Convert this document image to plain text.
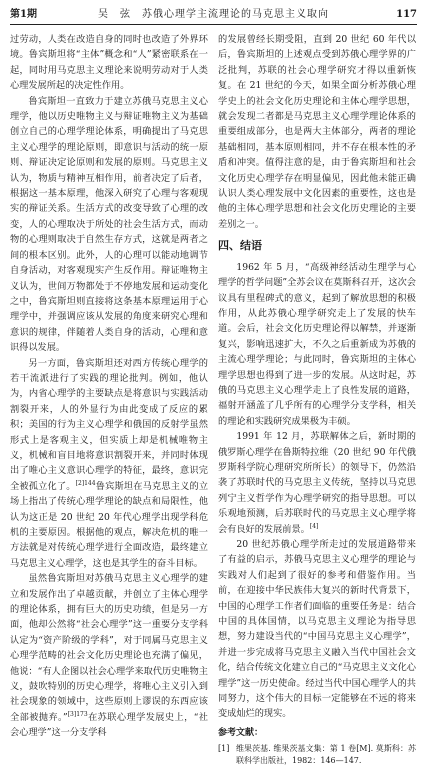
第1期	吴　弦　苏俄心理学主流理论的马克思主义取向	117

过劳动，人类在改造自身的同时也改造了外界环境。鲁宾斯坦将“主体”概念和“人”紧密联系在一起，同时用马克思主义理论来说明劳动对于人类心理发展所起的决定性作用。

鲁宾斯坦一直致力于建立苏俄马克思主义心理学，他以历史唯物主义与辩证唯物主义为基础创立自己的心理学理论体系，明确提出了马克思主义心理学的理论原则，即意识与活动的统一原则、辩证决定论原则和发展的原则。马克思主义认为，物质与精神互相作用，前者决定了后者，根据这一基本原理，他深入研究了心理与客观现实的辩证关系。生活方式的改变导致了心理的改变，人的心理取决于所处的社会生活方式，而动物的心理则取决于自然生存方式，这就是两者之间的根本区别。此外，人的心理可以能动地调节自身活动，对客观现实产生反作用。辩证唯物主义认为，世间万物都处于不停地发展和运动变化之中，鲁宾斯坦则直接将这条基本原理运用于心理学中，并强调应该从发展的角度来研究心理和意识的规律，伴随着人类自身的活动，心理和意识得以发展。

另一方面，鲁宾斯坦还对西方传统心理学的若干流派进行了实践的理论批判。例如，他认为，内省心理学的主要缺点是将意识与实践活动割裂开来，人的外显行为由此变成了反应的累积；美国的行为主义心理学和俄国的反射学虽然形式上是客观主义，但实质上却是机械唯物主义，机械和盲目地将意识割裂开来，并同时体现出了唯心主义意识心理学的特征，最终，意识完全被孤立化了。$^{[2]144}$鲁宾斯坦在马克思主义的立场上指出了传统心理学理论的缺点和局限性，他认为这正是 20 世纪 20 年代心理学出现学科危机的主要原因。根据他的观点，解决危机的唯一方法就是对传统心理学进行全面改造，最终建立马克思主义心理学，这也是其学生的奋斗目标。

虽然鲁宾斯坦对苏俄马克思主义心理学的建立和发展作出了卓越贡献，并创立了主体心理学的理论体系，拥有巨大的历史功绩，但是另一方面，他却公然将“社会心理学”这一重要分支学科认定为“资产阶级的学科”，对于同属马克思主义心理学范畴的社会文化历史理论也充满了偏见，他说：“有人企图以社会心理学来取代历史唯物主义，鼓吹特别的历史心理学，将唯心主义引入到社会现象的领域中，这些原则上谬误的东西应该全部被抛弃。”$^{[3]173}$在苏联心理学发展史上，“社会心理学”这一分支学科

的发展曾经长期受阻，直到 20 世纪 60 年代以后，鲁宾斯坦的上述观点受到苏俄心理学界的广泛批判，苏联的社会心理学研究才得以重新恢复。在 21 世纪的今天，如果全面分析苏俄心理学史上的社会文化历史理论和主体心理学思想，就会发现二者都是马克思主义心理学理论体系的重要组成部分，也是两大主体部分，两者的理论基础相同，基本原则相同，并不存在根本性的矛盾和冲突。值得注意的是，由于鲁宾斯坦和社会文化历史心理学存在明显偏见，因此他未能正确认识人类心理发展中文化因素的重要性，这也是他的主体心理学思想和社会文化历史理论的主要差别之一。

四、结语

1962 年 5 月，“高级神经活动生理学与心理学的哲学问题”全苏会议在莫斯科召开，这次会议具有里程碑式的意义，起到了解放思想的积极作用，从此苏俄心理学研究走上了发展的快车道。会后，社会文化历史理论得以解禁，并逐渐复兴，影响迅速扩大，不久之后重新成为苏俄的主流心理学理论；与此同时，鲁宾斯坦的主体心理学思想也得到了进一步的发展。从这时起，苏俄的马克思主义心理学走上了良性发展的道路，福射开涵盖了几乎所有的心理学分支学科，相关的理论和实践研究成果极为丰硕。

1991 年 12 月，苏联解体之后，新时期的俄罗斯心理学在鲁斯特拉维（20 世纪 90 年代俄罗斯科学院心理研究所所长）的领导下，仍然沿袭了苏联时代的马克思主义传统，坚持以马克思列宁主义哲学作为心理学研究的指导思想。可以乐观地预测，后苏联时代的马克思主义心理学将会有良好的发展前景。[4]

20 世纪苏俄心理学所走过的发展道路带来了有益的启示，苏俄马克思主义心理学的理论与实践对人们起到了很好的参考和借鉴作用。当前，在迎接中华民族伟大复兴的新时代背景下，中国的心理学工作者们面临的重要任务是：结合中国的具体国情，以马克思主义理论为指导思想，努力建设当代的“中国马克思主义心理学”，并进一步完成将马克思主义融入当代中国社会文化，结合传统文化建立自己的“马克思主义文化心理学”这一历史使命。经过当代中国心理学人的共同努力，这个伟大的目标一定能够在不远的将来变成灿烂的现实。

参考文献：
[1] 维果茨基. 维果茨基文集：第 1 卷[M]. 莫斯科：苏联科学出版社，1982：146—147.
